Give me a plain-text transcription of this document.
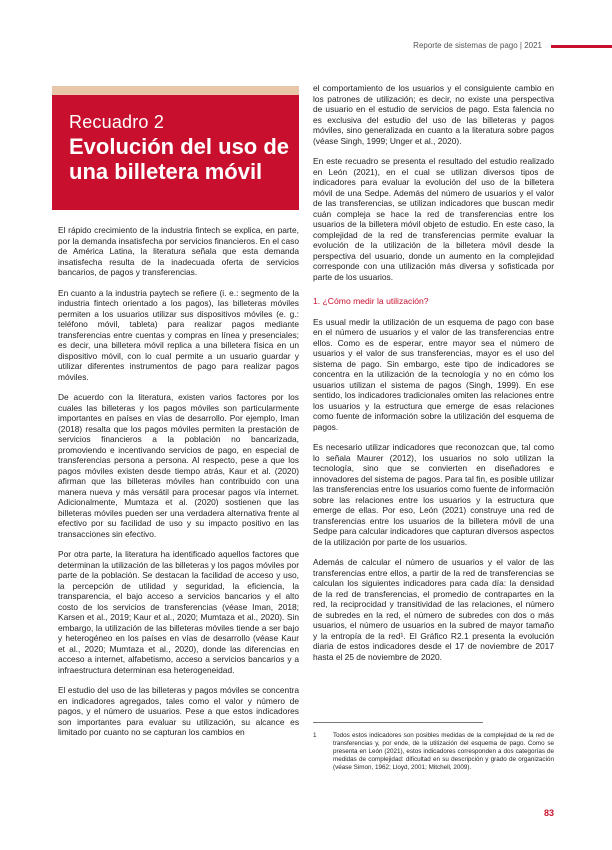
Reporte de sistemas de pago | 2021
Recuadro 2
Evolución del uso de una billetera móvil

El rápido crecimiento de la industria fintech se explica, en parte, por la demanda insatisfecha por servicios financieros. En el caso de América Latina, la literatura señala que esta demanda insatisfecha resulta de la inadecuada oferta de servicios bancarios, de pagos y transferencias.

En cuanto a la industria paytech se refiere (i. e.: segmento de la industria fintech orientado a los pagos), las billeteras móviles permiten a los usuarios utilizar sus dispositivos móviles (e. g.: teléfono móvil, tableta) para realizar pagos mediante transferencias entre cuentas y compras en línea y presenciales; es decir, una billetera móvil replica a una billetera física en un dispositivo móvil, con lo cual permite a un usuario guardar y utilizar diferentes instrumentos de pago para realizar pagos móviles.

De acuerdo con la literatura, existen varios factores por los cuales las billeteras y los pagos móviles son particularmente importantes en países en vías de desarrollo. Por ejemplo, Iman (2018) resalta que los pagos móviles permiten la prestación de servicios financieros a la población no bancarizada, promoviendo e incentivando servicios de pago, en especial de transferencias persona a persona. Al respecto, pese a que los pagos móviles existen desde tiempo atrás, Kaur et al. (2020) afirman que las billeteras móviles han contribuido con una manera nueva y más versátil para procesar pagos vía internet. Adicionalmente, Mumtaza et al. (2020) sostienen que las billeteras móviles pueden ser una verdadera alternativa frente al efectivo por su facilidad de uso y su impacto positivo en las transacciones sin efectivo.

Por otra parte, la literatura ha identificado aquellos factores que determinan la utilización de las billeteras y los pagos móviles por parte de la población. Se destacan la facilidad de acceso y uso, la percepción de utilidad y seguridad, la eficiencia, la transparencia, el bajo acceso a servicios bancarios y el alto costo de los servicios de transferencias (véase Iman, 2018; Karsen et al., 2019; Kaur et al., 2020; Mumtaza et al., 2020). Sin embargo, la utilización de las billeteras móviles tiende a ser bajo y heterogéneo en los países en vías de desarrollo (véase Kaur et al., 2020; Mumtaza et al., 2020), donde las diferencias en acceso a internet, alfabetismo, acceso a servicios bancarios y a infraestructura determinan esa heterogeneidad.

El estudio del uso de las billeteras y pagos móviles se concentra en indicadores agregados, tales como el valor y número de pagos, y el número de usuarios. Pese a que estos indicadores son importantes para evaluar su utilización, su alcance es limitado por cuanto no se capturan los cambios en

el comportamiento de los usuarios y el consiguiente cambio en los patrones de utilización; es decir, no existe una perspectiva de usuario en el estudio de servicios de pago. Esta falencia no es exclusiva del estudio del uso de las billeteras y pagos móviles, sino generalizada en cuanto a la literatura sobre pagos (véase Singh, 1999; Unger et al., 2020).

En este recuadro se presenta el resultado del estudio realizado en León (2021), en el cual se utilizan diversos tipos de indicadores para evaluar la evolución del uso de la billetera móvil de una Sedpe. Además del número de usuarios y el valor de las transferencias, se utilizan indicadores que buscan medir cuán compleja se hace la red de transferencias entre los usuarios de la billetera móvil objeto de estudio. En este caso, la complejidad de la red de transferencias permite evaluar la evolución de la utilización de la billetera móvil desde la perspectiva del usuario, donde un aumento en la complejidad corresponde con una utilización más diversa y sofisticada por parte de los usuarios.

1. ¿Cómo medir la utilización?

Es usual medir la utilización de un esquema de pago con base en el número de usuarios y el valor de las transferencias entre ellos. Como es de esperar, entre mayor sea el número de usuarios y el valor de sus transferencias, mayor es el uso del sistema de pago. Sin embargo, este tipo de indicadores se concentra en la utilización de la tecnología y no en cómo los usuarios utilizan el sistema de pagos (Singh, 1999). En ese sentido, los indicadores tradicionales omiten las relaciones entre los usuarios y la estructura que emerge de esas relaciones como fuente de información sobre la utilización del esquema de pagos.

Es necesario utilizar indicadores que reconozcan que, tal como lo señala Maurer (2012), los usuarios no solo utilizan la tecnología, sino que se convierten en diseñadores e innovadores del sistema de pagos. Para tal fin, es posible utilizar las transferencias entre los usuarios como fuente de información sobre las relaciones entre los usuarios y la estructura que emerge de ellas. Por eso, León (2021) construye una red de transferencias entre los usuarios de la billetera móvil de una Sedpe para calcular indicadores que capturan diversos aspectos de la utilización por parte de los usuarios.

Además de calcular el número de usuarios y el valor de las transferencias entre ellos, a partir de la red de transferencias se calculan los siguientes indicadores para cada día: la densidad de la red de transferencias, el promedio de contrapartes en la red, la reciprocidad y transitividad de las relaciones, el número de subredes en la red, el número de subredes con dos o más usuarios, el número de usuarios en la subred de mayor tamaño y la entropía de la red¹. El Gráfico R2.1 presenta la evolución diaria de estos indicadores desde el 17 de noviembre de 2017 hasta el 25 de noviembre de 2020.

1	Todos estos indicadores son posibles medidas de la complejidad de la red de transferencias y, por ende, de la utilización del esquema de pago. Como se presenta en León (2021), estos indicadores corresponden a dos categorías de medidas de complejidad: dificultad en su descripción y grado de organización (véase Simon, 1962; Lloyd, 2001; Mitchell, 2009).
83
